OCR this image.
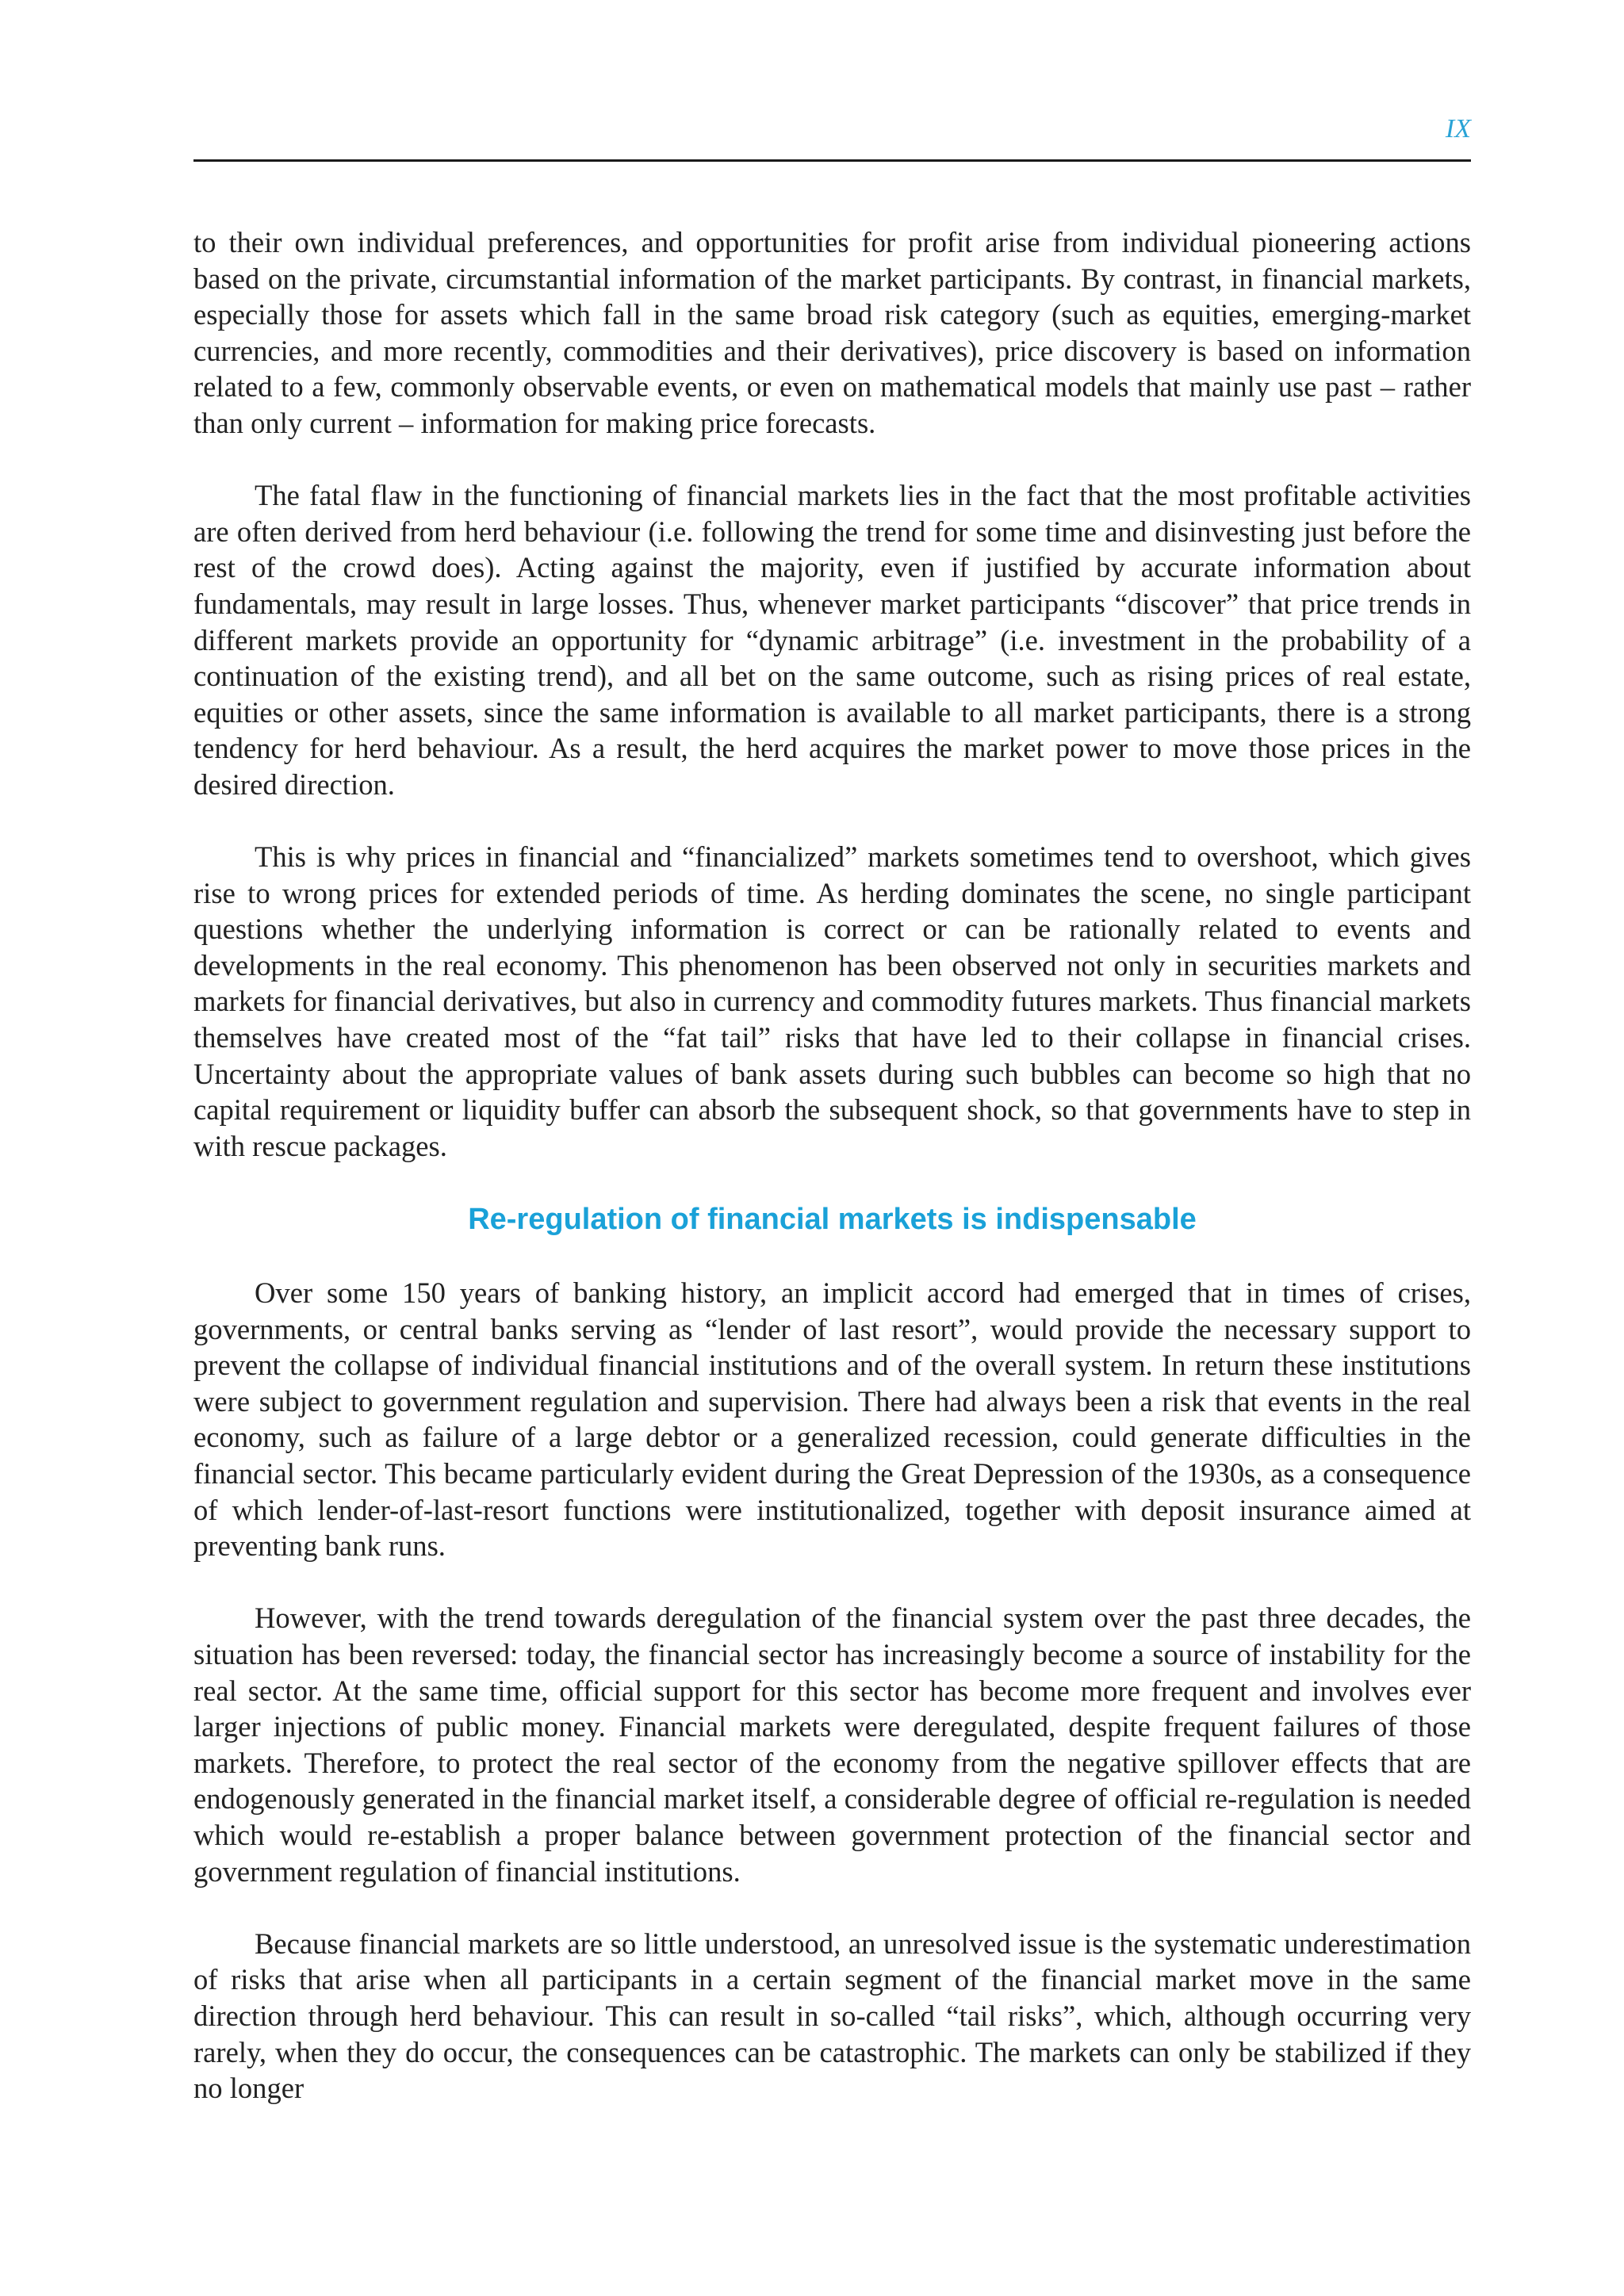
IX

to their own individual preferences, and opportunities for profit arise from individual pioneering actions based on the private, circumstantial information of the market participants. By contrast, in financial markets, especially those for assets which fall in the same broad risk category (such as equities, emerging-market currencies, and more recently, commodities and their derivatives), price discovery is based on information related to a few, commonly observable events, or even on mathematical models that mainly use past – rather than only current – information for making price forecasts.

The fatal flaw in the functioning of financial markets lies in the fact that the most profitable activities are often derived from herd behaviour (i.e. following the trend for some time and disinvesting just before the rest of the crowd does). Acting against the majority, even if justified by accurate information about fundamentals, may result in large losses. Thus, whenever market participants “discover” that price trends in different markets provide an opportunity for “dynamic arbitrage” (i.e. investment in the probability of a continuation of the existing trend), and all bet on the same outcome, such as rising prices of real estate, equities or other assets, since the same information is available to all market participants, there is a strong tendency for herd behaviour. As a result, the herd acquires the market power to move those prices in the desired direction.

This is why prices in financial and “financialized” markets sometimes tend to overshoot, which gives rise to wrong prices for extended periods of time. As herding dominates the scene, no single participant questions whether the underlying information is correct or can be rationally related to events and developments in the real economy. This phenomenon has been observed not only in securities markets and markets for financial derivatives, but also in currency and commodity futures markets. Thus financial markets themselves have created most of the “fat tail” risks that have led to their collapse in financial crises. Uncertainty about the appropriate values of bank assets during such bubbles can become so high that no capital requirement or liquidity buffer can absorb the subsequent shock, so that governments have to step in with rescue packages.

Re-regulation of financial markets is indispensable

Over some 150 years of banking history, an implicit accord had emerged that in times of crises, governments, or central banks serving as “lender of last resort”, would provide the necessary support to prevent the collapse of individual financial institutions and of the overall system. In return these institutions were subject to government regulation and supervision. There had always been a risk that events in the real economy, such as failure of a large debtor or a generalized recession, could generate difficulties in the financial sector. This became particularly evident during the Great Depression of the 1930s, as a consequence of which lender-of-last-resort functions were institutionalized, together with deposit insurance aimed at preventing bank runs.

However, with the trend towards deregulation of the financial system over the past three decades, the situation has been reversed: today, the financial sector has increasingly become a source of instability for the real sector. At the same time, official support for this sector has become more frequent and involves ever larger injections of public money. Financial markets were deregulated, despite frequent failures of those markets. Therefore, to protect the real sector of the economy from the negative spillover effects that are endogenously generated in the financial market itself, a considerable degree of official re-regulation is needed which would re-establish a proper balance between government protection of the financial sector and government regulation of financial institutions.

Because financial markets are so little understood, an unresolved issue is the systematic underestimation of risks that arise when all participants in a certain segment of the financial market move in the same direction through herd behaviour. This can result in so-called “tail risks”, which, although occurring very rarely, when they do occur, the consequences can be catastrophic. The markets can only be stabilized if they no longer
